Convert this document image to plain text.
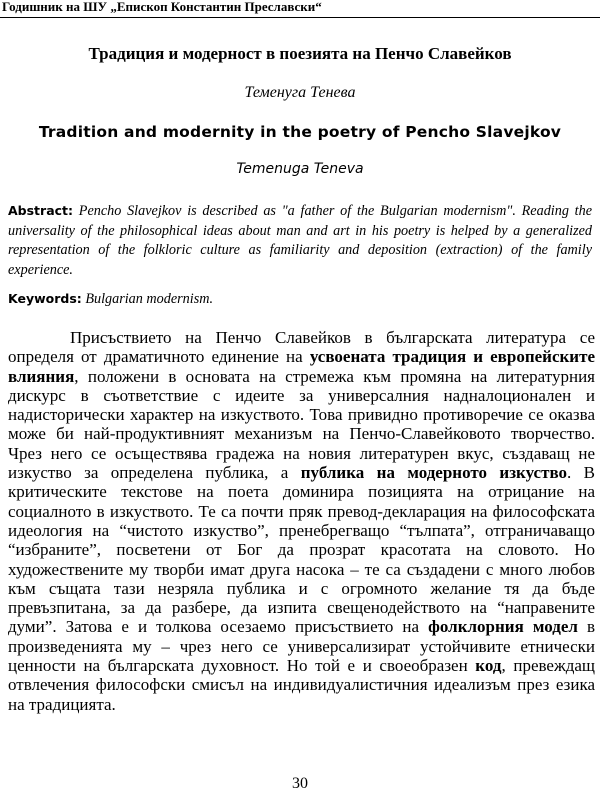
Годишник на ШУ „Епископ Константин Преславски“
Традиция и модерност в поезията на Пенчо Славейков
Теменуга Тенева
Tradition and modernity in the poetry of Pencho Slavejkov
Temenuga Teneva
Abstract: Pencho Slavejkov is described as "a father of the Bulgarian modernism". Reading the universality of the philosophical ideas about man and art in his poetry is helped by a generalized representation of the folkloric culture as familiarity and deposition (extraction) of the family experience.
Keywords: Bulgarian modernism.

Присъствието на Пенчо Славейков в българската литература се определя от драматичното единение на усвоената традиция и европейските влияния, положени в основата на стремежа към промяна на литературния дискурс в съответствие с идеите за универсалния надналоционален и надисторически характер на изкуството. Това привидно противоречие се оказва може би най-продуктивният механизъм на Пенчо-Славейковото творчество. Чрез него се осъществява градежа на новия литературен вкус, създаващ не изкуство за определена публика, а публика на модерното изкуство. В критическите текстове на поета доминира позицията на отрицание на социалното в изкуството. Те са почти пряк превод-декларация на философската идеология на “чистото изкуство”, пренебрегващо “тълпата”, отграничаващо “избраните”, посветени от Бог да прозрат красотата на словото. Но художествените му творби имат друга насока – те са създадени с много любов към същата тази незряла публика и с огромното желание тя да бъде превъзпитана, за да разбере, да изпита свещенодейството на “направените думи”. Затова е и толкова осезаемо присъствието на фолклорния модел в произведенията му – чрез него се универсализират устойчивите етнически ценности на българската духовност. Но той е и своеобразен код, превеждащ отвлечения философски смисъл на индивидуалистичния идеализъм през езика на традицията.

30
